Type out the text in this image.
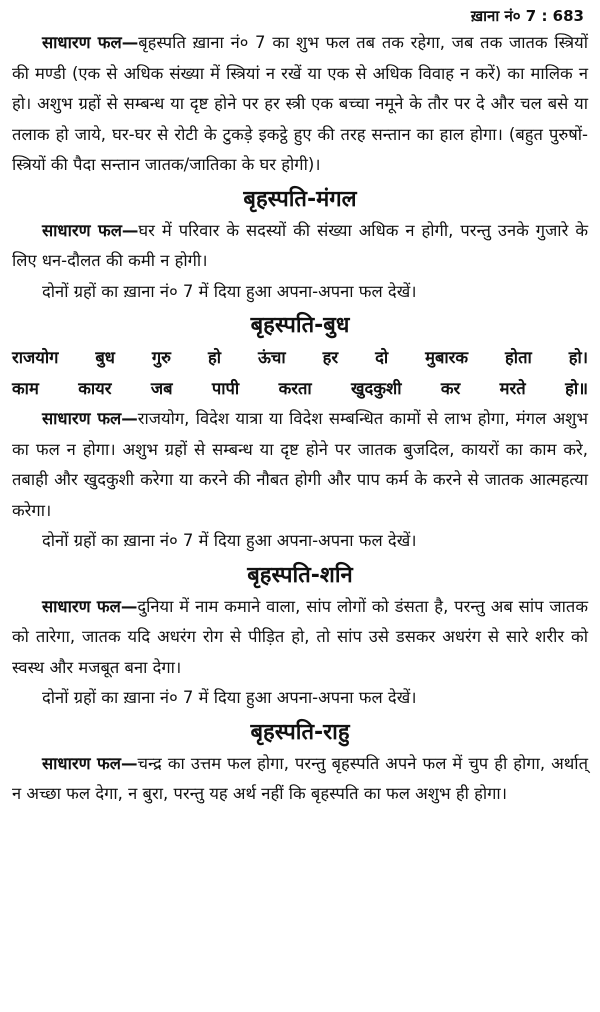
ख़ाना नं० 7 : 683

साधारण फल—बृहस्पति ख़ाना नं० 7 का शुभ फल तब तक रहेगा, जब तक जातक स्त्रियों की मण्डी (एक से अधिक संख्या में स्त्रियां न रखें या एक से अधिक विवाह न करें) का मालिक न हो। अशुभ ग्रहों से सम्बन्ध या दृष्ट होने पर हर स्त्री एक बच्चा नमूने के तौर पर दे और चल बसे या तलाक हो जाये, घर-घर से रोटी के टुकड़े इकट्ठे हुए की तरह सन्तान का हाल होगा। (बहुत पुरुषों-स्त्रियों की पैदा सन्तान जातक/जातिका के घर होगी)।

बृहस्पति-मंगल

साधारण फल—घर में परिवार के सदस्यों की संख्या अधिक न होगी, परन्तु उनके गुजारे के लिए धन-दौलत की कमी न होगी।

दोनों ग्रहों का ख़ाना नं० 7 में दिया हुआ अपना-अपना फल देखें।

बृहस्पति-बुध
राजयोग बुध गुरु हो ऊंचा हर दो मुबारक होता हो।
काम कायर जब पापी करता खुदकुशी कर मरते हो॥

साधारण फल—राजयोग, विदेश यात्रा या विदेश सम्बन्धित कामों से लाभ होगा, मंगल अशुभ का फल न होगा। अशुभ ग्रहों से सम्बन्ध या दृष्ट होने पर जातक बुजदिल, कायरों का काम करे, तबाही और खुदकुशी करेगा या करने की नौबत होगी और पाप कर्म के करने से जातक आत्महत्या करेगा।

दोनों ग्रहों का ख़ाना नं० 7 में दिया हुआ अपना-अपना फल देखें।

बृहस्पति-शनि

साधारण फल—दुनिया में नाम कमाने वाला, सांप लोगों को डंसता है, परन्तु अब सांप जातक को तारेगा, जातक यदि अधरंग रोग से पीड़ित हो, तो सांप उसे डसकर अधरंग से सारे शरीर को स्वस्थ और मजबूत बना देगा।

दोनों ग्रहों का ख़ाना नं० 7 में दिया हुआ अपना-अपना फल देखें।

बृहस्पति-राहु

साधारण फल—चन्द्र का उत्तम फल होगा, परन्तु बृहस्पति अपने फल में चुप ही होगा, अर्थात् न अच्छा फल देगा, न बुरा, परन्तु यह अर्थ नहीं कि बृहस्पति का फल अशुभ ही होगा।
